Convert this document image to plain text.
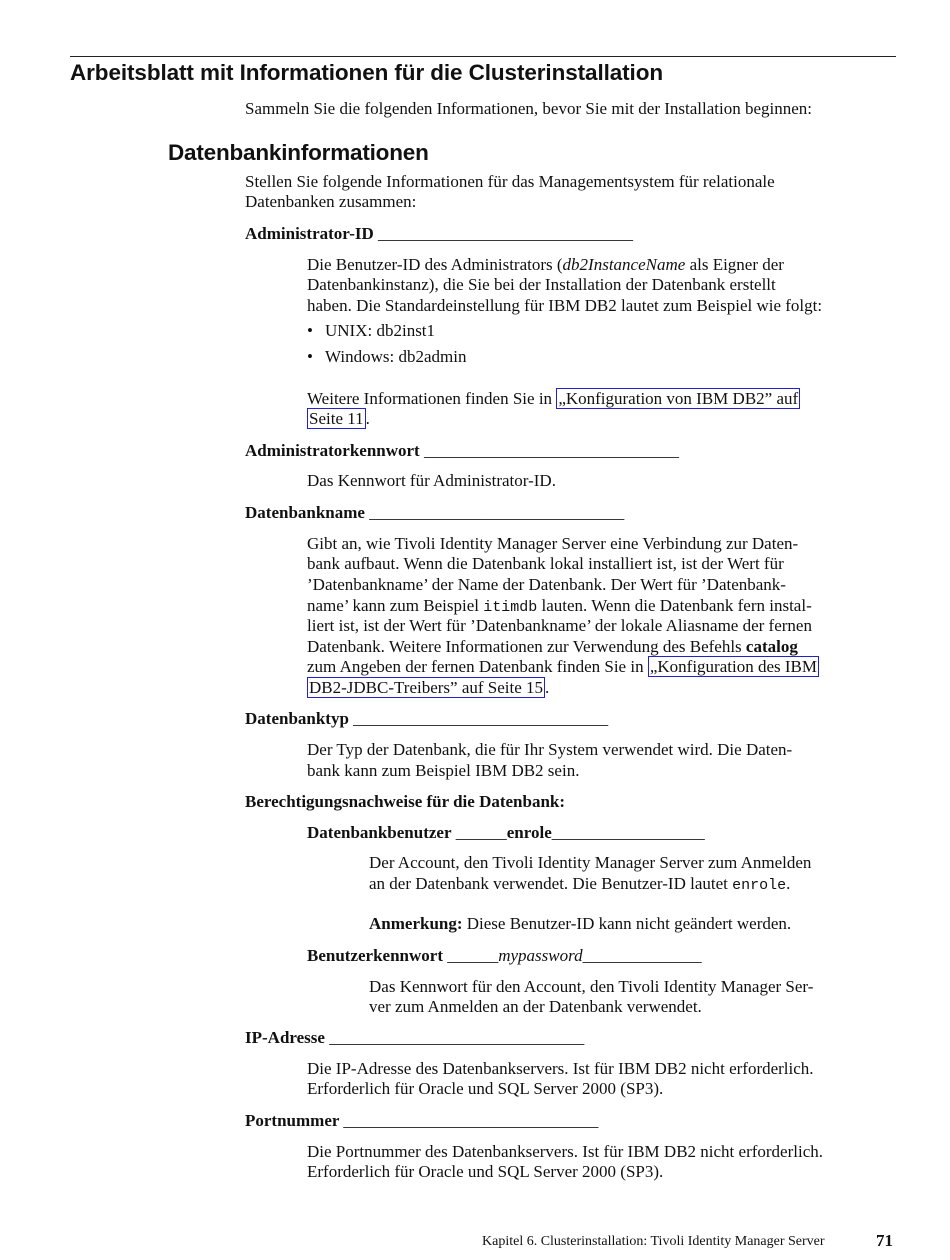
Arbeitsblatt mit Informationen für die Clusterinstallation

Sammeln Sie die folgenden Informationen, bevor Sie mit der Installation beginnen:

Datenbankinformationen

Stellen Sie folgende Informationen für das Managementsystem für relationale

Datenbanken zusammen:

Administrator-ID ______________________________

Die Benutzer-ID des Administrators (db2InstanceName als Eigner der

Datenbankinstanz), die Sie bei der Installation der Datenbank erstellt

haben. Die Standardeinstellung für IBM DB2 lautet zum Beispiel wie folgt:

• UNIX: db2inst1
• Windows: db2admin

Weitere Informationen finden Sie in „Konfiguration von IBM DB2” auf

Seite 11 .

Administratorkennwort ______________________________

Das Kennwort für Administrator-ID.

Datenbankname ______________________________

Gibt an, wie Tivoli Identity Manager Server eine Verbindung zur Daten-

bank aufbaut. Wenn die Datenbank lokal installiert ist, ist der Wert für

’Datenbankname’ der Name der Datenbank. Der Wert für ’Datenbank-

name’ kann zum Beispiel itimdb lauten. Wenn die Datenbank fern instal-

liert ist, ist der Wert für ’Datenbankname’ der lokale Aliasname der fernen

Datenbank. Weitere Informationen zur Verwendung des Befehls catalog

zum Angeben der fernen Datenbank finden Sie in „Konfiguration des IBM

DB2-JDBC-Treibers” auf Seite 15 .

Datenbanktyp ______________________________

Der Typ der Datenbank, die für Ihr System verwendet wird. Die Daten-

bank kann zum Beispiel IBM DB2 sein.

Berechtigungsnachweise für die Datenbank:

Datenbankbenutzer ______enrole__________________

Der Account, den Tivoli Identity Manager Server zum Anmelden

an der Datenbank verwendet. Die Benutzer-ID lautet enrole.

Anmerkung: Diese Benutzer-ID kann nicht geändert werden.

Benutzerkennwort ______mypassword______________

Das Kennwort für den Account, den Tivoli Identity Manager Ser-

ver zum Anmelden an der Datenbank verwendet.

IP-Adresse ______________________________

Die IP-Adresse des Datenbankservers. Ist für IBM DB2 nicht erforderlich.

Erforderlich für Oracle und SQL Server 2000 (SP3).

Portnummer ______________________________

Die Portnummer des Datenbankservers. Ist für IBM DB2 nicht erforderlich.

Erforderlich für Oracle und SQL Server 2000 (SP3).

Kapitel 6. Clusterinstallation: Tivoli Identity Manager Server	71
